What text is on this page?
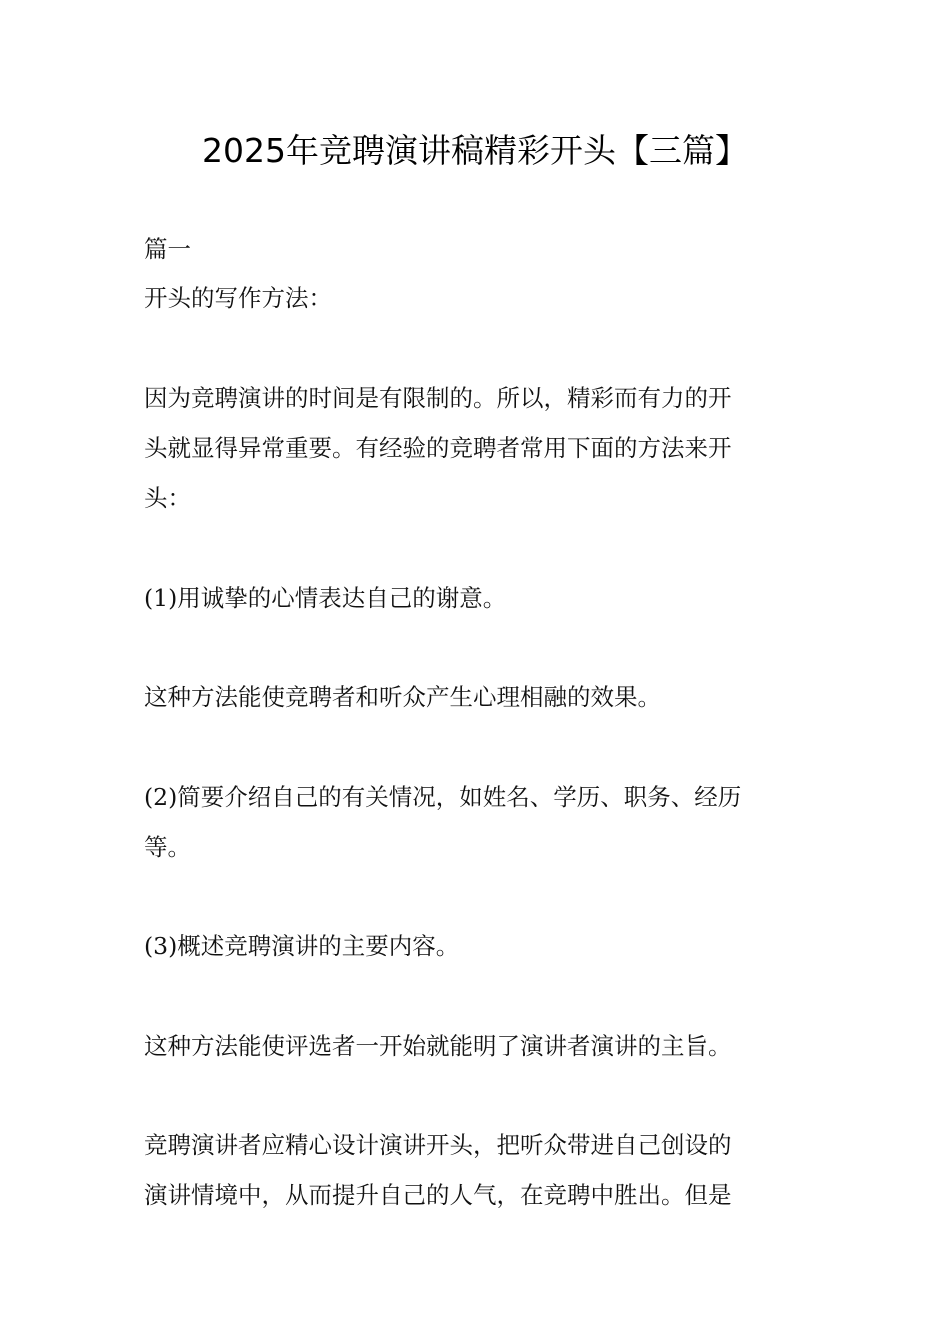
2025年竞聘演讲稿精彩开头【三篇】

篇一

开头的写作方法：

因为竞聘演讲的时间是有限制的。所以，精彩而有力的开

头就显得异常重要。有经验的竞聘者常用下面的方法来开

头：

(1)用诚挚的心情表达自己的谢意。

这种方法能使竞聘者和听众产生心理相融的效果。

(2)简要介绍自己的有关情况，如姓名、学历、职务、经历

等。

(3)概述竞聘演讲的主要内容。

这种方法能使评选者一开始就能明了演讲者演讲的主旨。

竞聘演讲者应精心设计演讲开头，把听众带进自己创设的

演讲情境中，从而提升自己的人气，在竞聘中胜出。但是
